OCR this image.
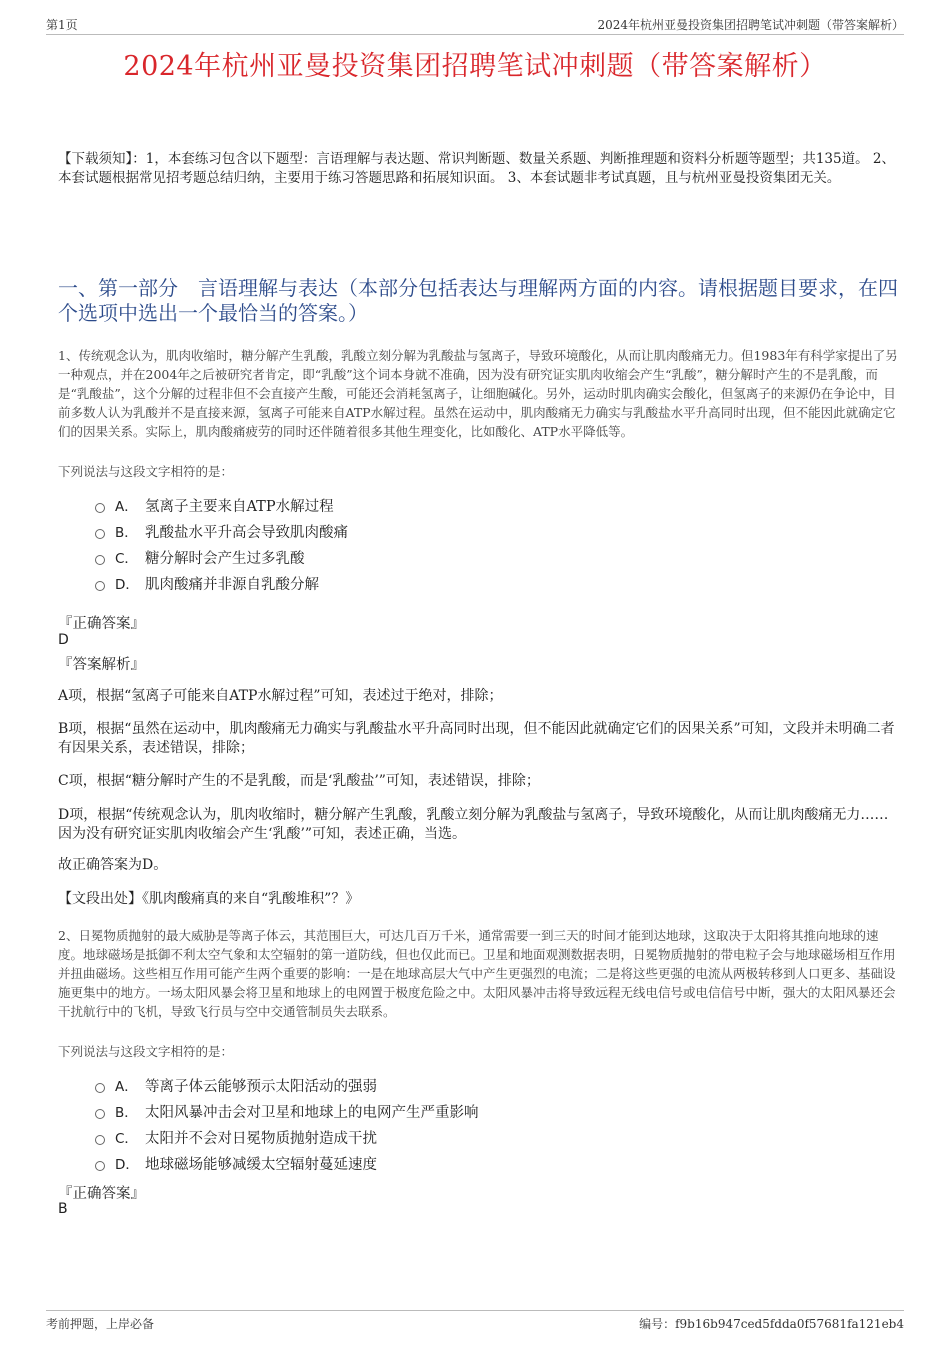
第1页	2024年杭州亚曼投资集团招聘笔试冲刺题（带答案解析）
2024年杭州亚曼投资集团招聘笔试冲刺题（带答案解析）
【下载须知】：1，本套练习包含以下题型：言语理解与表达题、常识判断题、数量关系题、判断推理题和资料分析题等题型；共135道。 2、本套试题根据常见招考题总结归纳，主要用于练习答题思路和拓展知识面。 3、本套试题非考试真题，且与杭州亚曼投资集团无关。
一、第一部分　言语理解与表达（本部分包括表达与理解两方面的内容。请根据题目要求，在四个选项中选出一个最恰当的答案。）
1、传统观念认为，肌肉收缩时，糖分解产生乳酸，乳酸立刻分解为乳酸盐与氢离子，导致环境酸化，从而让肌肉酸痛无力。但1983年有科学家提出了另一种观点，并在2004年之后被研究者肯定，即“乳酸”这个词本身就不准确，因为没有研究证实肌肉收缩会产生“乳酸”，糖分解时产生的不是乳酸，而是“乳酸盐”，这个分解的过程非但不会直接产生酸，可能还会消耗氢离子，让细胞碱化。另外，运动时肌肉确实会酸化，但氢离子的来源仍在争论中，目前多数人认为乳酸并不是直接来源，氢离子可能来自ATP水解过程。虽然在运动中，肌肉酸痛无力确实与乳酸盐水平升高同时出现，但不能因此就确定它们的因果关系。实际上，肌肉酸痛疲劳的同时还伴随着很多其他生理变化，比如酸化、ATP水平降低等。
下列说法与这段文字相符的是：
A． 氢离子主要来自ATP水解过程
B． 乳酸盐水平升高会导致肌肉酸痛
C． 糖分解时会产生过多乳酸
D． 肌肉酸痛并非源自乳酸分解
『正确答案』
D
『答案解析』
A项，根据“氢离子可能来自ATP水解过程”可知，表述过于绝对，排除；
B项，根据“虽然在运动中，肌肉酸痛无力确实与乳酸盐水平升高同时出现，但不能因此就确定它们的因果关系”可知，文段并未明确二者有因果关系，表述错误，排除；
C项，根据“糖分解时产生的不是乳酸，而是‘乳酸盐’”可知，表述错误，排除；
D项，根据“传统观念认为，肌肉收缩时，糖分解产生乳酸，乳酸立刻分解为乳酸盐与氢离子，导致环境酸化，从而让肌肉酸痛无力……因为没有研究证实肌肉收缩会产生‘乳酸’”可知，表述正确，当选。
故正确答案为D。
【文段出处】《肌肉酸痛真的来自“乳酸堆积”？》
2、日冕物质抛射的最大威胁是等离子体云，其范围巨大，可达几百万千米，通常需要一到三天的时间才能到达地球，这取决于太阳将其推向地球的速度。地球磁场是抵御不利太空气象和太空辐射的第一道防线，但也仅此而已。卫星和地面观测数据表明，日冕物质抛射的带电粒子会与地球磁场相互作用并扭曲磁场。这些相互作用可能产生两个重要的影响：一是在地球高层大气中产生更强烈的电流；二是将这些更强的电流从两极转移到人口更多、基础设施更集中的地方。一场太阳风暴会将卫星和地球上的电网置于极度危险之中。太阳风暴冲击将导致远程无线电信号或电信信号中断，强大的太阳风暴还会干扰航行中的飞机，导致飞行员与空中交通管制员失去联系。
下列说法与这段文字相符的是：
A． 等离子体云能够预示太阳活动的强弱
B． 太阳风暴冲击会对卫星和地球上的电网产生严重影响
C． 太阳并不会对日冕物质抛射造成干扰
D． 地球磁场能够减缓太空辐射蔓延速度
『正确答案』
B
考前押题，上岸必备	编号：f9b16b947ced5fdda0f57681fa121eb4
